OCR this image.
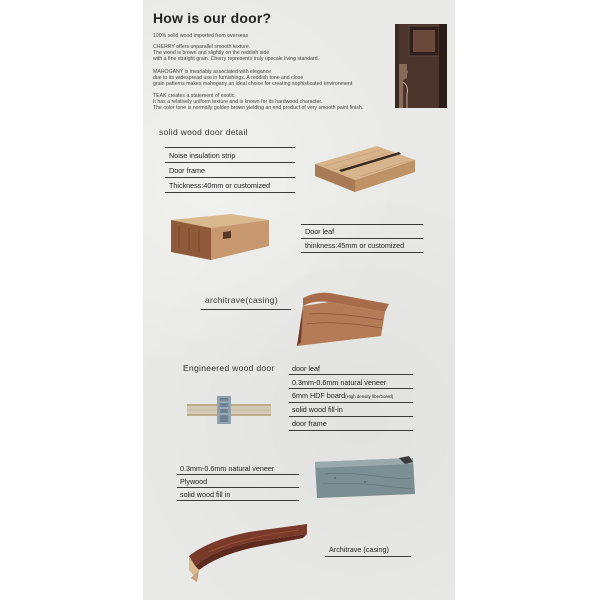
How is our door?
100% solid wood imported from overseas
CHERRY offers unparallel smooth texture.
The wood is brown and slightly on the reddish side
with a fine straight grain. Cherry represents truly upscale living standard.
MAHOGANY is invariably associated with elegance
due to its widespread use in furnishings. A reddish tone and close
grain patterns makes mahogany an ideal choice for creating sophisticated environment
TEAK creates a statement of exotic.
It has a relatively uniform texture and is known for its hardwood character.
The color tone is normally golden brown yielding an end product of very smooth paint finish.
solid wood door detail
Noise insulation strip
Door frame
Thickness:40mm or customized
Door leaf
thinkness:45mm or customized
architrave(casing)
Engineered wood door door leaf
0.3mm-0.6mm natural veneer
6mm HDF board(High density fiberboard)
solid wood fill-in
door frame
0.3mm-0.6mm natural veneer
Plywood
solid wood fill in
Architrave (casing)
